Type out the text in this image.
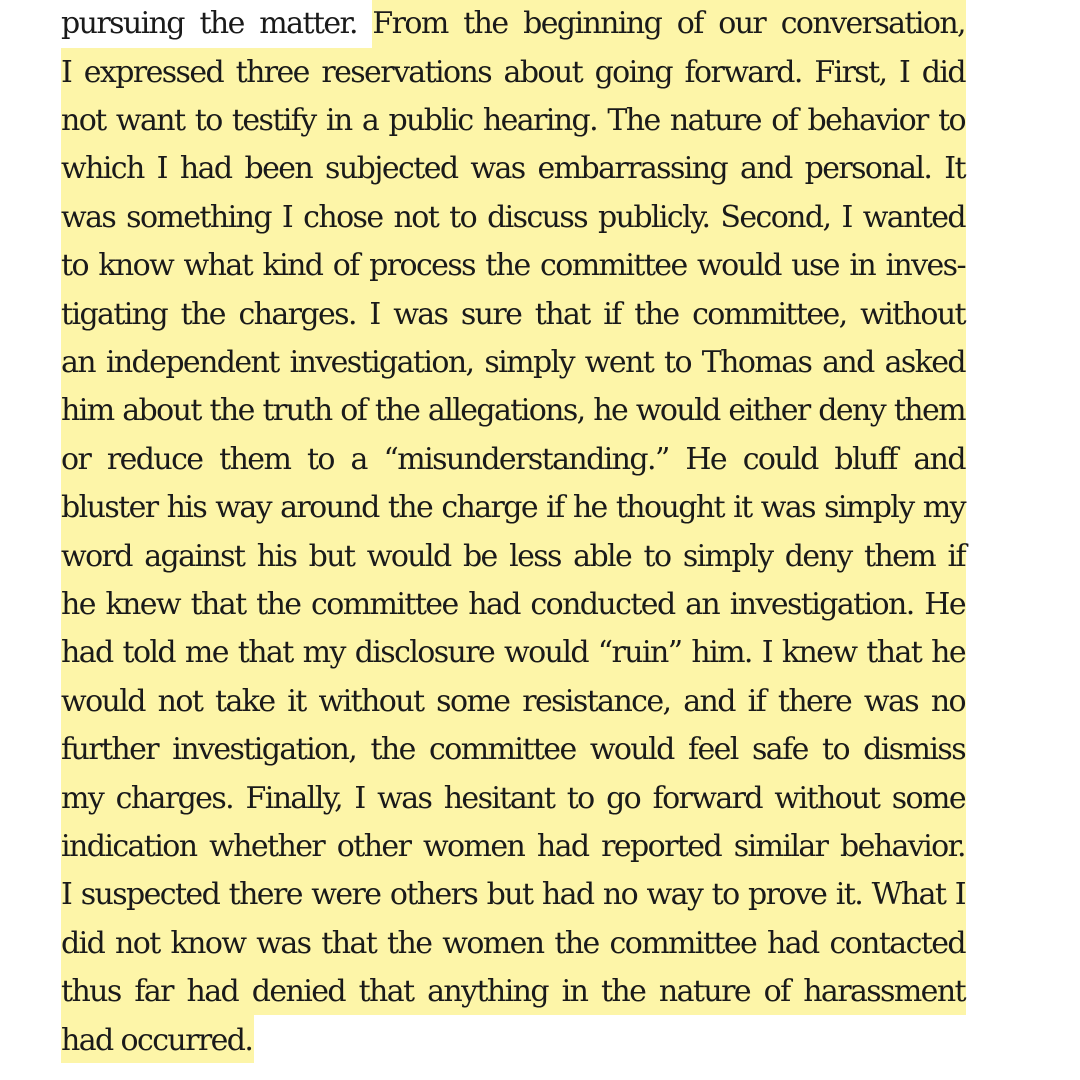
pursuing the matter. From the beginning of our conversation,
I expressed three reservations about going forward. First, I did
not want to testify in a public hearing. The nature of behavior to
which I had been subjected was embarrassing and personal. It
was something I chose not to discuss publicly. Second, I wanted
to know what kind of process the committee would use in inves-
tigating the charges. I was sure that if the committee, without
an independent investigation, simply went to Thomas and asked
him about the truth of the allegations, he would either deny them
or reduce them to a “misunderstanding.” He could bluff and
bluster his way around the charge if he thought it was simply my
word against his but would be less able to simply deny them if
he knew that the committee had conducted an investigation. He
had told me that my disclosure would “ruin” him. I knew that he
would not take it without some resistance, and if there was no
further investigation, the committee would feel safe to dismiss
my charges. Finally, I was hesitant to go forward without some
indication whether other women had reported similar behavior.
I suspected there were others but had no way to prove it. What I
did not know was that the women the committee had contacted
thus far had denied that anything in the nature of harassment
had occurred.
